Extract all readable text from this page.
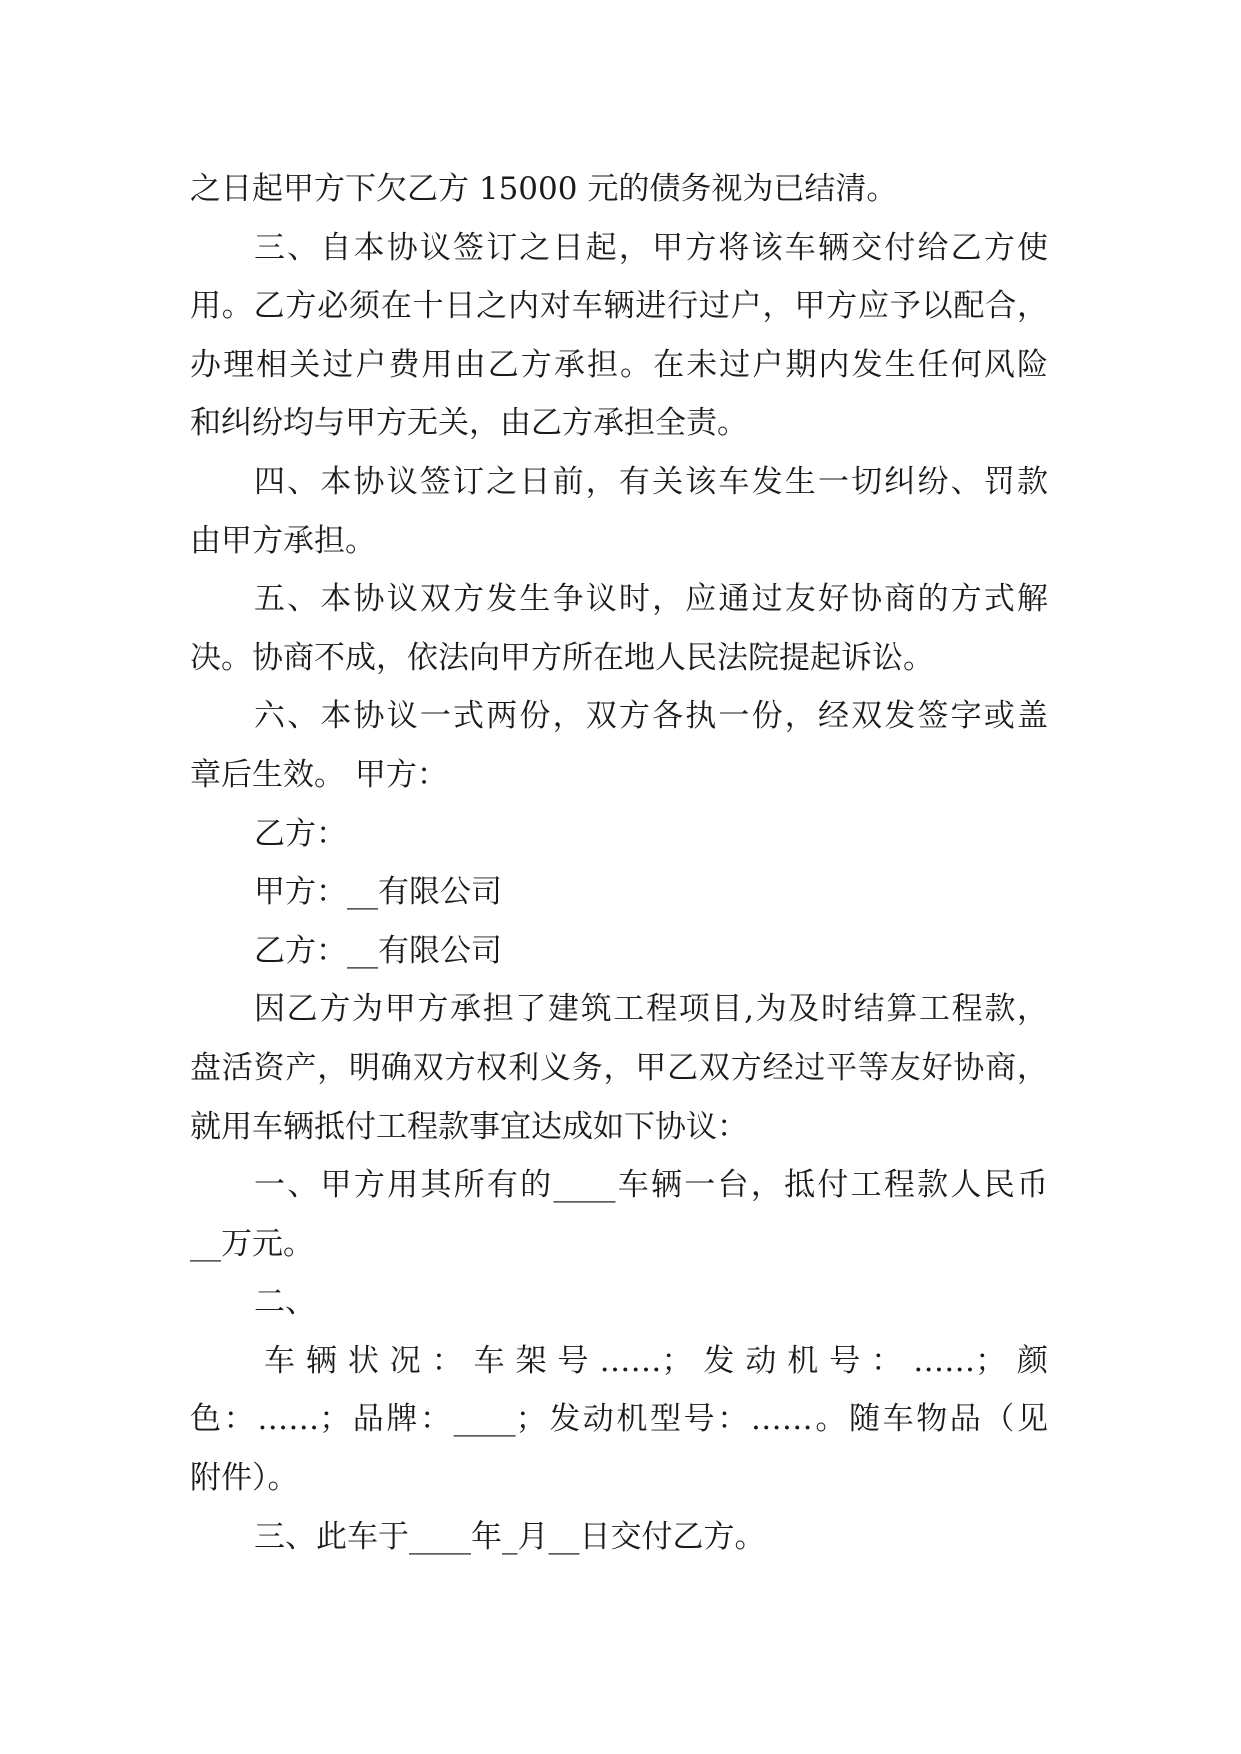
之日起甲方下欠乙方 15000 元的债务视为已结清。
三、自本协议签订之日起，甲方将该车辆交付给乙方使
用。乙方必须在十日之内对车辆进行过户，甲方应予以配合，
办理相关过户费用由乙方承担。在未过户期内发生任何风险
和纠纷均与甲方无关，由乙方承担全责。
四、本协议签订之日前，有关该车发生一切纠纷、罚款
由甲方承担。
五、本协议双方发生争议时，应通过友好协商的方式解
决。协商不成，依法向甲方所在地人民法院提起诉讼。
六、本协议一式两份，双方各执一份，经双发签字或盖
章后生效。 甲方：
乙方：
甲方：__有限公司
乙方：__有限公司
因乙方为甲方承担了建筑工程项目,为及时结算工程款，
盘活资产，明确双方权利义务，甲乙双方经过平等友好协商，
就用车辆抵付工程款事宜达成如下协议：
一、甲方用其所有的____车辆一台，抵付工程款人民币
__万元。
二、
车辆状况：车架号……；发动机号：……；颜
色：……；品牌：____；发动机型号：……。随车物品（见
附件）。
三、此车于____年_月__日交付乙方。
